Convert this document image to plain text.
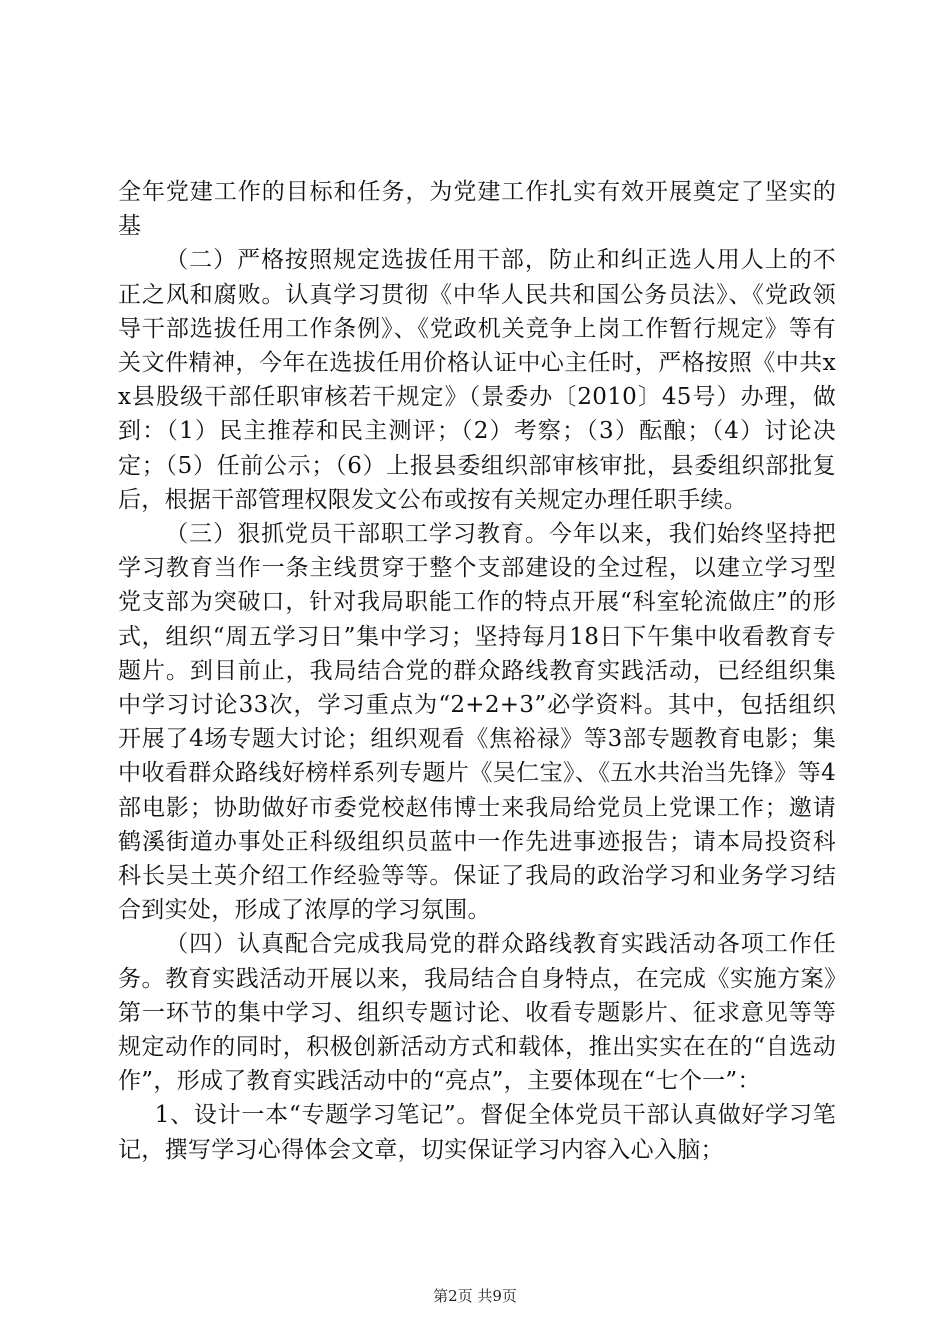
全年党建工作的目标和任务，为党建工作扎实有效开展奠定了坚实的基

（二）严格按照规定选拔任用干部，防止和纠正选人用人上的不正之风和腐败。认真学习贯彻《中华人民共和国公务员法》、《党政领导干部选拔任用工作条例》、《党政机关竞争上岗工作暂行规定》等有关文件精神，今年在选拔任用价格认证中心主任时，严格按照《中共xx县股级干部任职审核若干规定》（景委办〔2010〕45号）办理，做到：（1）民主推荐和民主测评；（2）考察；（3）酝酿；（4）讨论决定；（5）任前公示；（6）上报县委组织部审核审批，县委组织部批复后，根据干部管理权限发文公布或按有关规定办理任职手续。

（三）狠抓党员干部职工学习教育。今年以来，我们始终坚持把学习教育当作一条主线贯穿于整个支部建设的全过程，以建立学习型党支部为突破口，针对我局职能工作的特点开展“科室轮流做庄”的形式，组织“周五学习日”集中学习；坚持每月18日下午集中收看教育专题片。到目前止，我局结合党的群众路线教育实践活动，已经组织集中学习讨论33次，学习重点为“2+2+3”必学资料。其中，包括组织开展了4场专题大讨论；组织观看《焦裕禄》等3部专题教育电影；集中收看群众路线好榜样系列专题片《吴仁宝》、《五水共治当先锋》等4部电影；协助做好市委党校赵伟博士来我局给党员上党课工作；邀请鹤溪街道办事处正科级组织员蓝中一作先进事迹报告；请本局投资科科长吴土英介绍工作经验等等。保证了我局的政治学习和业务学习结合到实处，形成了浓厚的学习氛围。

（四）认真配合完成我局党的群众路线教育实践活动各项工作任务。教育实践活动开展以来，我局结合自身特点，在完成《实施方案》第一环节的集中学习、组织专题讨论、收看专题影片、征求意见等等规定动作的同时，积极创新活动方式和载体，推出实实在在的“自选动作”，形成了教育实践活动中的“亮点”，主要体现在“七个一”：

1、设计一本“专题学习笔记”。督促全体党员干部认真做好学习笔记，撰写学习心得体会文章，切实保证学习内容入心入脑；

第2页 共9页
